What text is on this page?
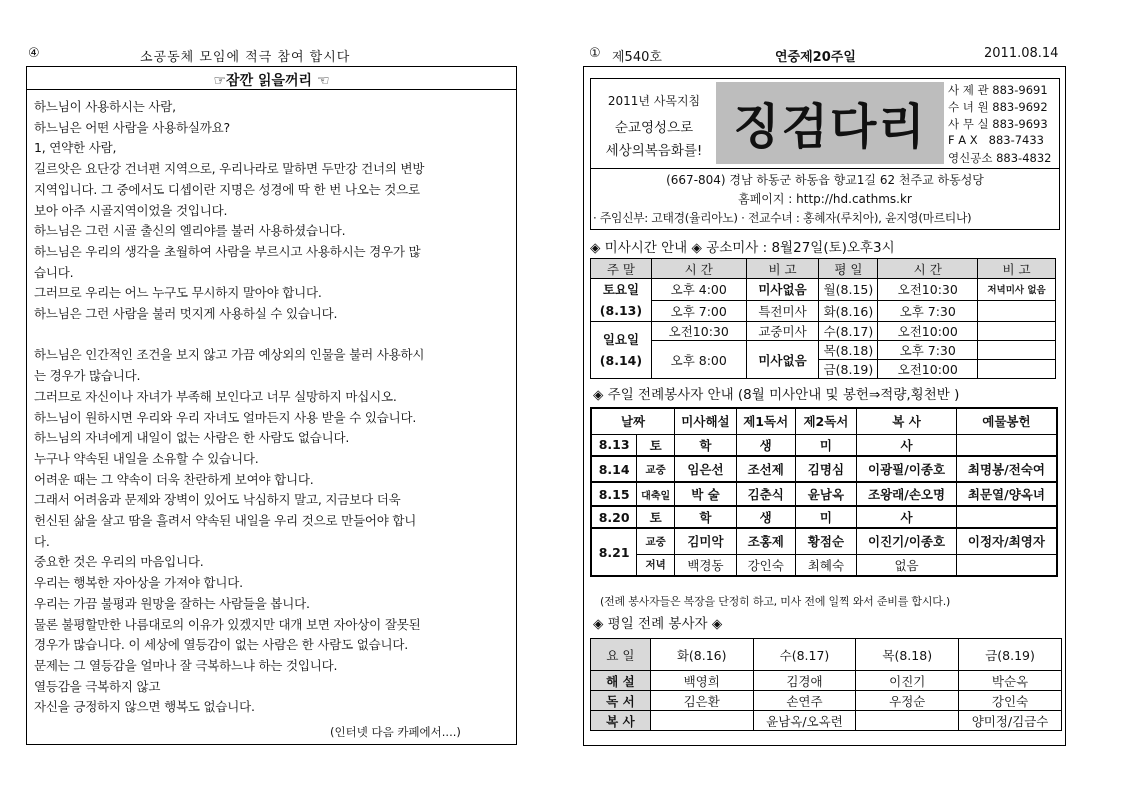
④	소공동체 모임에 적극 참여 합시다
☞잠깐 읽을꺼리 ☜
하느님이 사용하시는 사람,
하느님은 어떤 사람을 사용하실까요?
1, 연약한 사람,
길르앗은 요단강 건너편 지역으로, 우리나라로 말하면 두만강 건너의 변방
지역입니다. 그 중에서도 디셉이란 지명은 성경에 딱 한 번 나오는 것으로
보아 아주 시골지역이었을 것입니다.
하느님은 그런 시골 출신의 엘리야를 불러 사용하셨습니다.
하느님은 우리의 생각을 초월하여 사람을 부르시고 사용하시는 경우가 많
습니다.
그러므로 우리는 어느 누구도 무시하지 말아야 합니다.
하느님은 그런 사람을 불러 멋지게 사용하실 수 있습니다.
하느님은 인간적인 조건을 보지 않고 가끔 예상외의 인물을 불러 사용하시
는 경우가 많습니다.
그러므로 자신이나 자녀가 부족해 보인다고 너무 실망하지 마십시오.
하느님이 원하시면 우리와 우리 자녀도 얼마든지 사용 받을 수 있습니다.
하느님의 자녀에게 내일이 없는 사람은 한 사람도 없습니다.
누구나 약속된 내일을 소유할 수 있습니다.
어려운 때는 그 약속이 더욱 찬란하게 보여야 합니다.
그래서 어려움과 문제와 장벽이 있어도 낙심하지 말고, 지금보다 더욱
헌신된 삶을 살고 땀을 흘려서 약속된 내일을 우리 것으로 만들어야 합니
다.
중요한 것은 우리의 마음입니다.
우리는 행복한 자아상을 가져야 합니다.
우리는 가끔 불평과 원망을 잘하는 사람들을 봅니다.
물론 불평할만한 나름대로의 이유가 있겠지만 대개 보면 자아상이 잘못된
경우가 많습니다. 이 세상에 열등감이 없는 사람은 한 사람도 없습니다.
문제는 그 열등감을 얼마나 잘 극복하느냐 하는 것입니다.
열등감을 극복하지 않고
자신을 긍정하지 않으면 행복도 없습니다.
(인터넷 다음 카페에서....)
① 제540호	연중제20주일	2011.08.14
2011년 사목지침
순교영성으로
세상의복음화를! 징검다리
사 제 관 883-9691
수 녀 원 883-9692
사 무 실 883-9693
F A X   883-7433
영신공소 883-4832
(667-804) 경남 하동군 하동읍 향교1길 62 천주교 하동성당
홈페이지 : http://hd.cathms.kr
· 주임신부: 고태경(율리아노) · 전교수녀 : 홍혜자(루치아), 윤지영(마르티나)
◈ 미사시간 안내 ◈ 공소미사 : 8월27일(토)오후3시
주 말	시 간	비 고	평 일	시 간	비 고
토요일
(8.13)	오후 4:00	미사없음	월(8.15)	오전10:30	저녁미사 없음
	오후 7:00	특전미사	화(8.16)	오후 7:30	
일요일
(8.14)	오전10:30	교중미사	수(8.17)	오전10:00	
	오후 8:00	미사없음	목(8.18)	오후 7:30	
			금(8.19)	오전10:00	
◈ 주일 전례봉사자 안내 (8월 미사안내 및 봉헌⇒적량,횡천반 )
날짜		미사해설	제1독서	제2독서	복 사	예물봉헌
8.13	토	학	생	미	사	
8.14	교중	임은선	조선제	김명심	이광필/이종호	최명봉/전숙여
8.15	대축일	박 술	김춘식	윤남옥	조왕래/손오명	최문열/양옥녀
8.20	토	학	생	미	사	
8.21	교중	김미악	조홍제	황점순	이진기/이종호	이정자/최영자
	저녁	백경동	강인숙	최혜숙	없음	
(전례 봉사자들은 복장을 단정히 하고, 미사 전에 일찍 와서 준비를 합시다.)
◈ 평일 전례 봉사자 ◈
요 일	화(8.16)	수(8.17)	목(8.18)	금(8.19)
해 설	백영희	김경애	이진기	박순옥
독 서	김은환	손연주	우정순	강인숙
복 사		윤남옥/오옥련		양미정/김금수
